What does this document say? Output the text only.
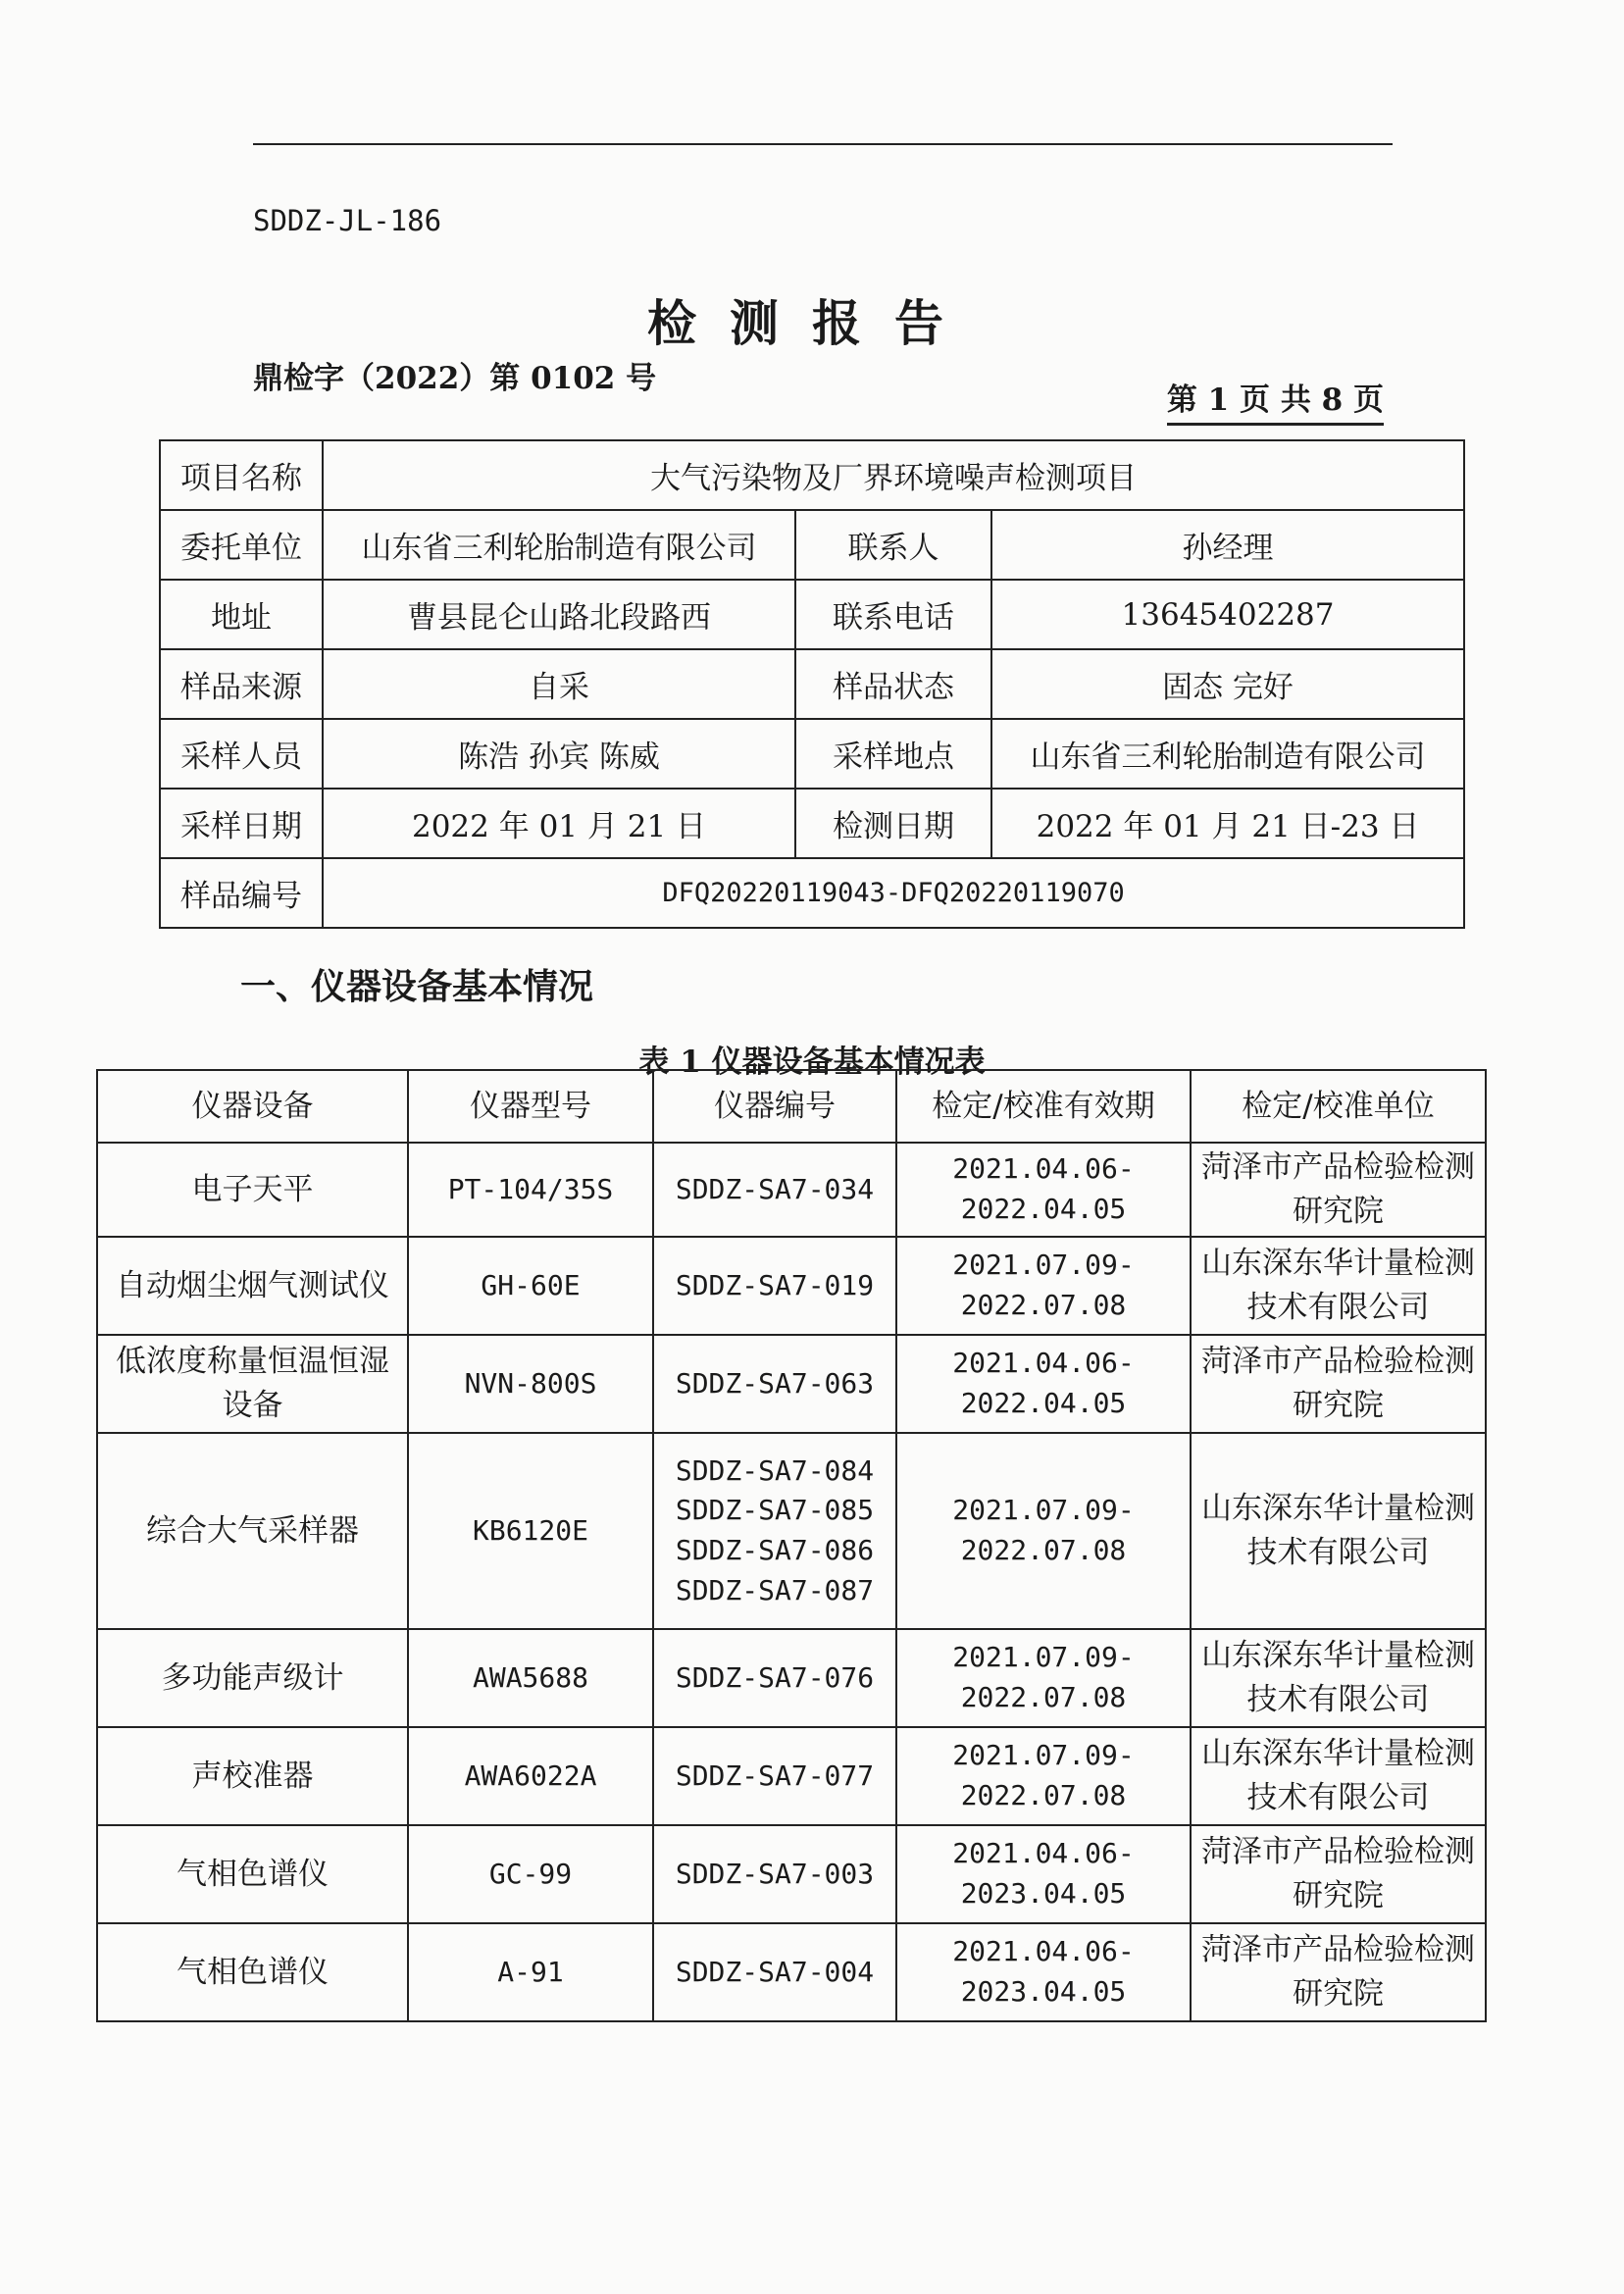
SDDZ-JL-186
检测报告
鼎检字（2022）第 0102 号
第 1 页 共 8 页
项目名称	大气污染物及厂界环境噪声检测项目		
委托单位	山东省三利轮胎制造有限公司	联系人	孙经理
地址	曹县昆仑山路北段路西	联系电话	13645402287
样品来源	自采	样品状态	固态 完好
采样人员	陈浩 孙宾 陈威	采样地点	山东省三利轮胎制造有限公司
采样日期	2022 年 01 月 21 日	检测日期	2022 年 01 月 21 日-23 日
样品编号	DFQ20220119043-DFQ20220119070		
一、仪器设备基本情况
表 1 仪器设备基本情况表
仪器设备	仪器型号	仪器编号	检定/校准有效期	检定/校准单位
电子天平	PT-104/35S	SDDZ-SA7-034	2021.04.06-
2022.04.05	菏泽市产品检验检测研究院
自动烟尘烟气测试仪	GH-60E	SDDZ-SA7-019	2021.07.09-
2022.07.08	山东深东华计量检测技术有限公司
低浓度称量恒温恒湿设备	NVN-800S	SDDZ-SA7-063	2021.04.06-
2022.04.05	菏泽市产品检验检测研究院
综合大气采样器	KB6120E	SDDZ-SA7-084
SDDZ-SA7-085
SDDZ-SA7-086
SDDZ-SA7-087	2021.07.09-
2022.07.08	山东深东华计量检测技术有限公司
多功能声级计	AWA5688	SDDZ-SA7-076	2021.07.09-
2022.07.08	山东深东华计量检测技术有限公司
声校准器	AWA6022A	SDDZ-SA7-077	2021.07.09-
2022.07.08	山东深东华计量检测技术有限公司
气相色谱仪	GC-99	SDDZ-SA7-003	2021.04.06-
2023.04.05	菏泽市产品检验检测研究院
气相色谱仪	A-91	SDDZ-SA7-004	2021.04.06-
2023.04.05	菏泽市产品检验检测研究院
